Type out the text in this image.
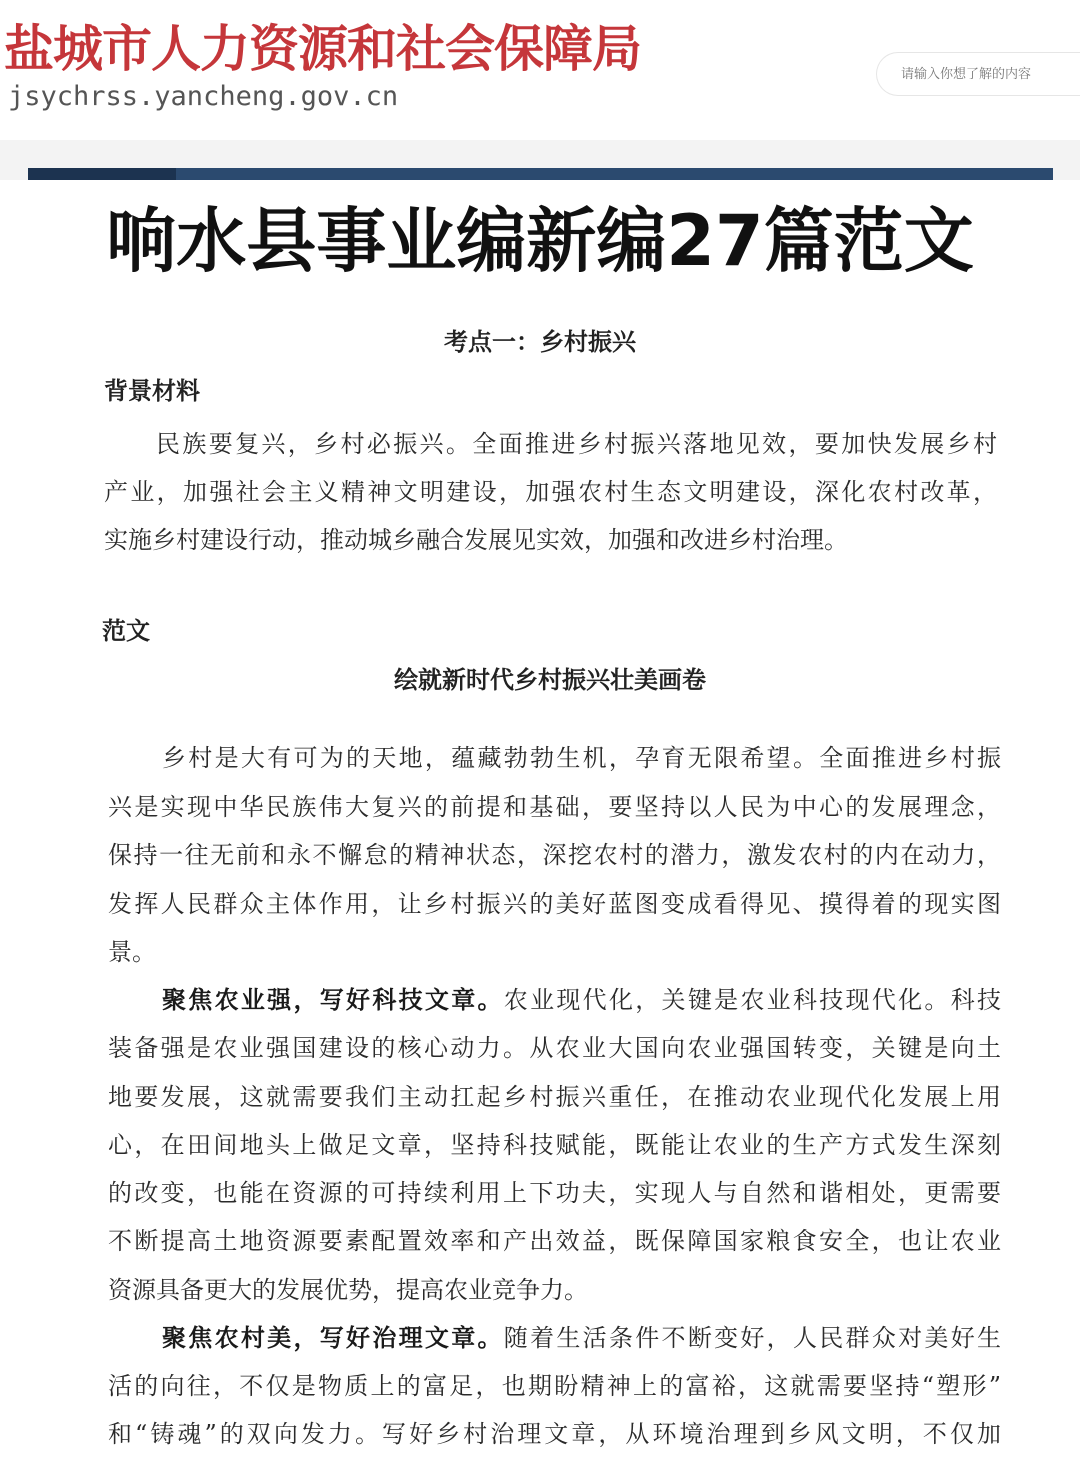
盐城市人力资源和社会保障局
jsychrss.yancheng.gov.cn
请输入你想了解的内容
响水县事业编新编27篇范文
考点一：乡村振兴
背景材料
民族要复兴，乡村必振兴。全面推进乡村振兴落地见效，要加快发展乡村
产业，加强社会主义精神文明建设，加强农村生态文明建设，深化农村改革，
实施乡村建设行动，推动城乡融合发展见实效，加强和改进乡村治理。
范文
绘就新时代乡村振兴壮美画卷
乡村是大有可为的天地，蕴藏勃勃生机，孕育无限希望。全面推进乡村振
兴是实现中华民族伟大复兴的前提和基础，要坚持以人民为中心的发展理念，
保持一往无前和永不懈怠的精神状态，深挖农村的潜力，激发农村的内在动力，
发挥人民群众主体作用，让乡村振兴的美好蓝图变成看得见、摸得着的现实图
景。
聚焦农业强，写好科技文章。农业现代化，关键是农业科技现代化。科技
装备强是农业强国建设的核心动力。从农业大国向农业强国转变，关键是向土
地要发展，这就需要我们主动扛起乡村振兴重任，在推动农业现代化发展上用
心，在田间地头上做足文章，坚持科技赋能，既能让农业的生产方式发生深刻
的改变，也能在资源的可持续利用上下功夫，实现人与自然和谐相处，更需要
不断提高土地资源要素配置效率和产出效益，既保障国家粮食安全，也让农业
资源具备更大的发展优势，提高农业竞争力。
聚焦农村美，写好治理文章。随着生活条件不断变好，人民群众对美好生
活的向往，不仅是物质上的富足，也期盼精神上的富裕，这就需要坚持“塑形”
和“铸魂”的双向发力。写好乡村治理文章，从环境治理到乡风文明，不仅加
